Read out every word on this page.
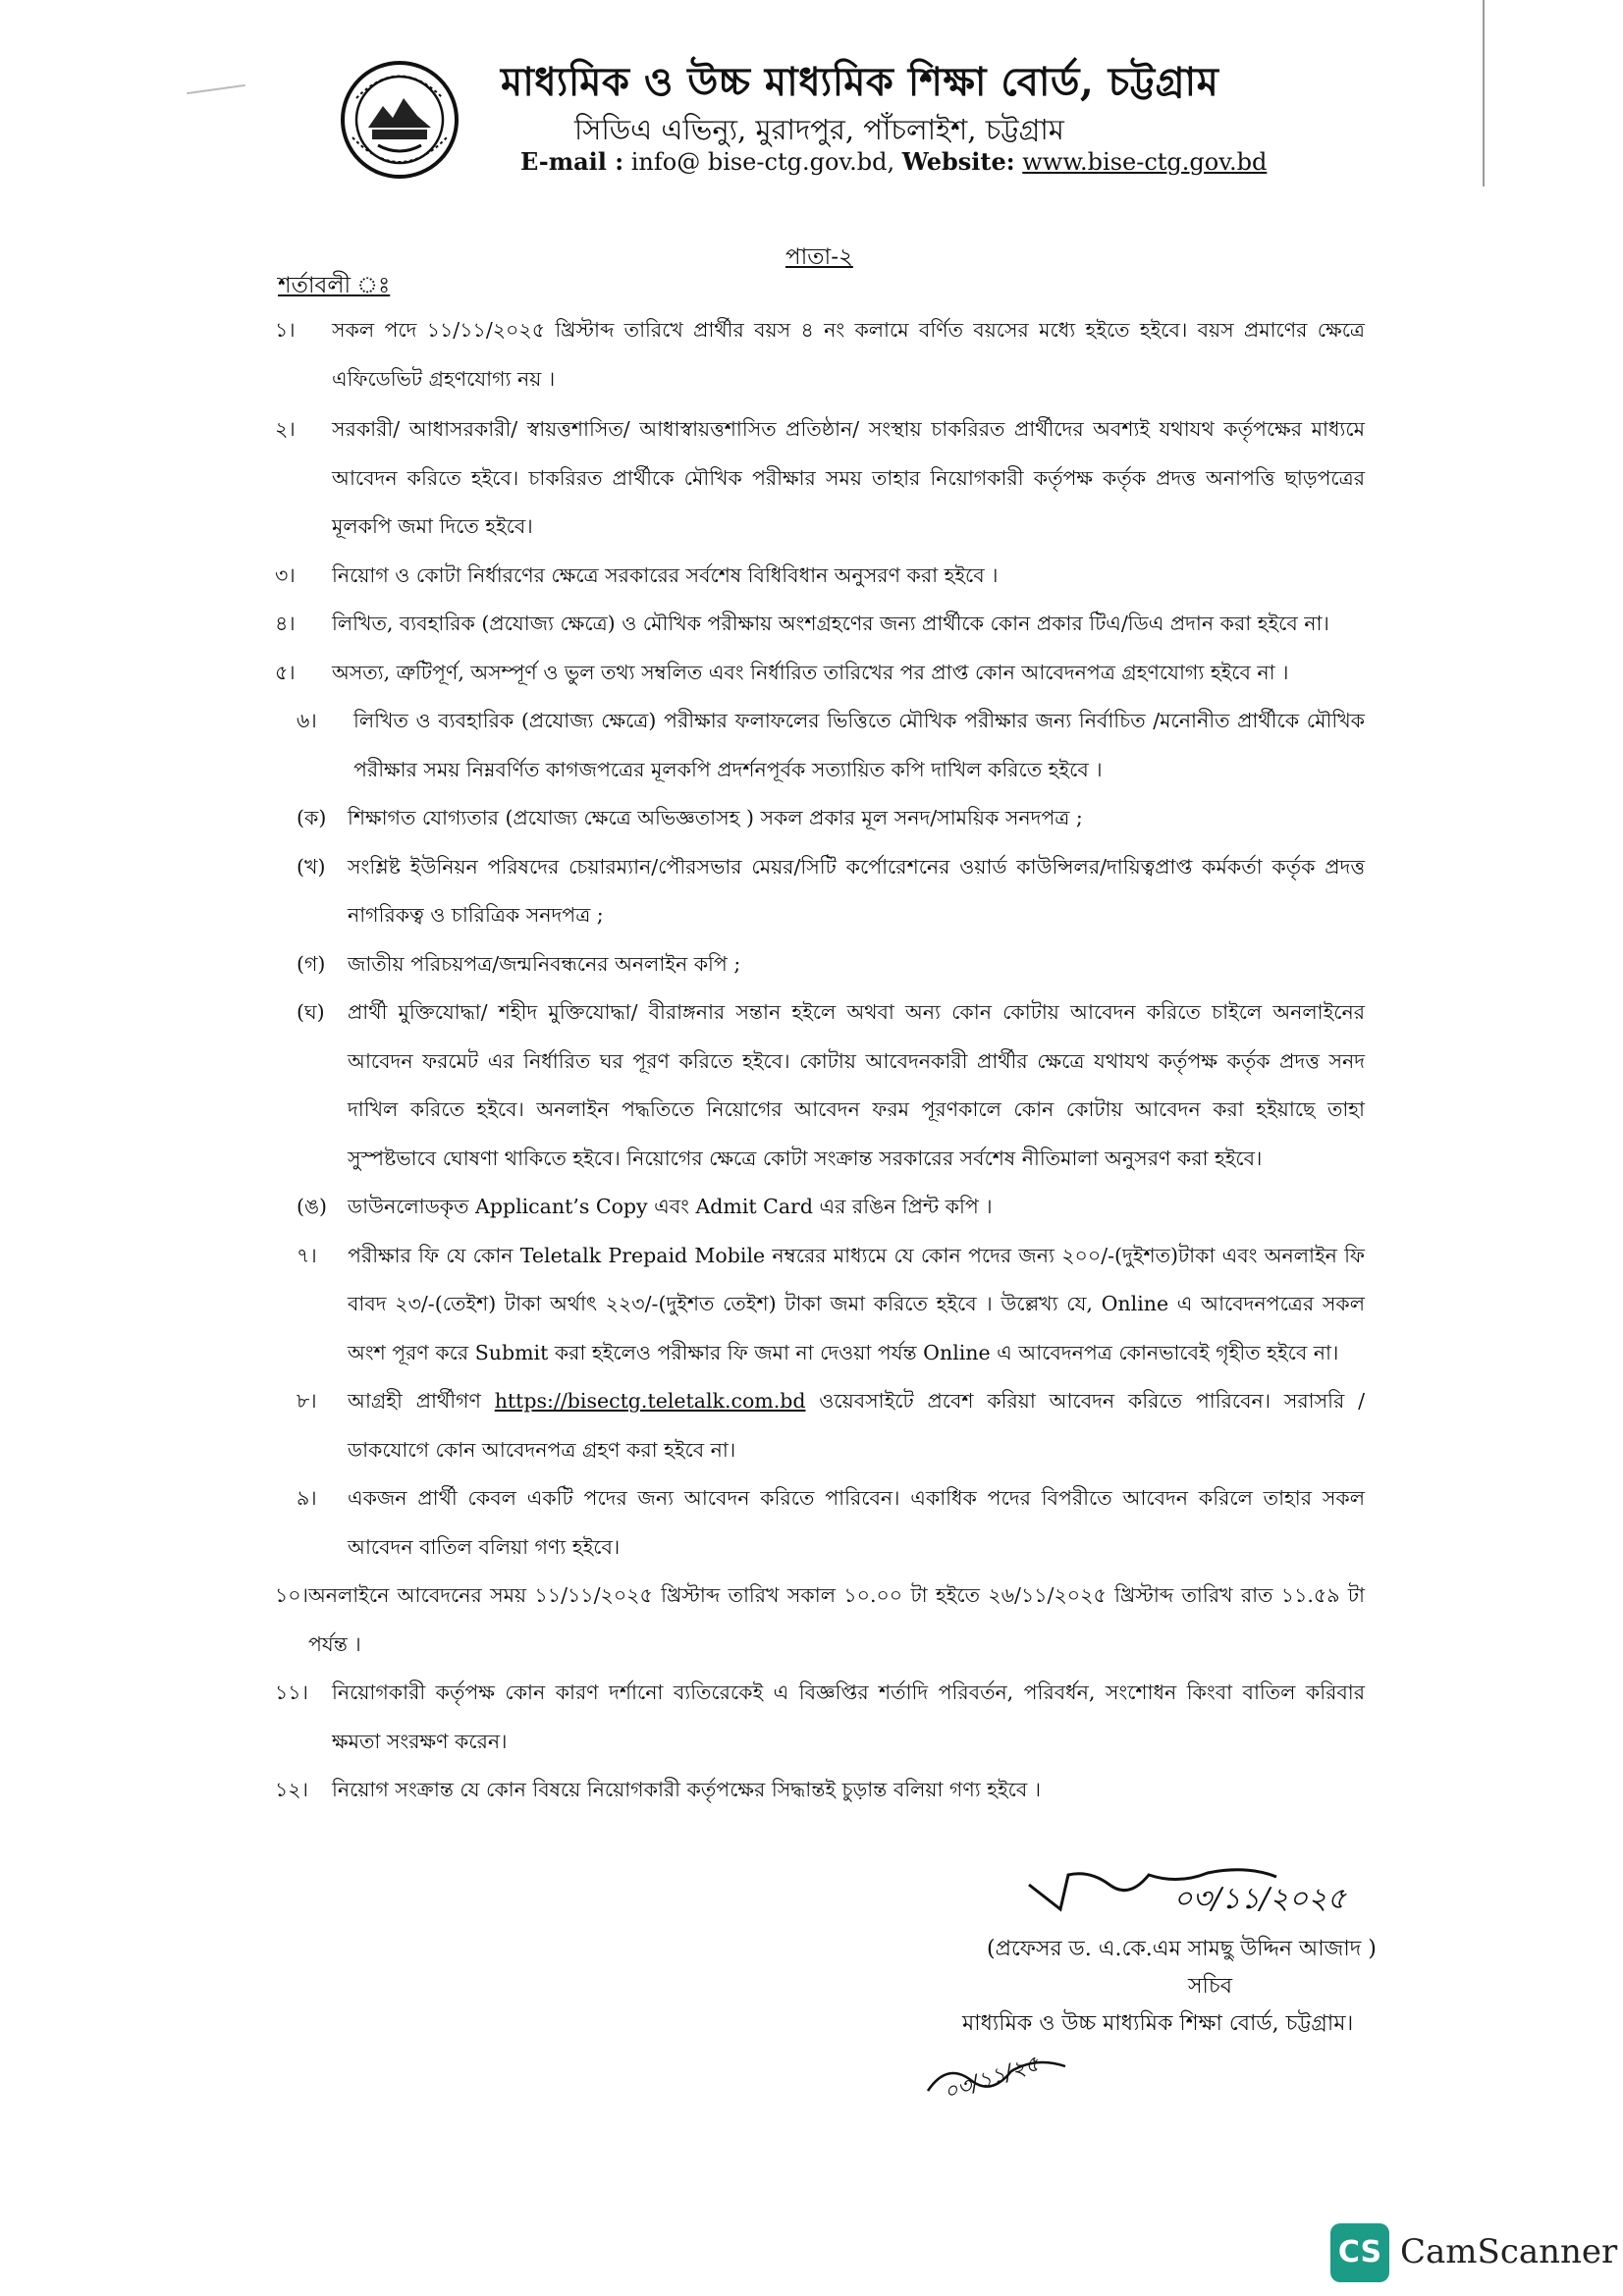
মাধ্যমিক ও উচ্চ মাধ্যমিক শিক্ষা বোর্ড, চট্টগ্রাম
সিডিএ এভিন্যু, মুরাদপুর, পাঁচলাইশ, চট্টগ্রাম
E-mail : info@ bise-ctg.gov.bd, Website: www.bise-ctg.gov.bd
পাতা-২
শর্তাবলী ঃ
১।	সকল পদে ১১/১১/২০২৫ খ্রিস্টাব্দ তারিখে প্রার্থীর বয়স ৪ নং কলামে বর্ণিত বয়সের মধ্যে হইতে হইবে। বয়স প্রমাণের ক্ষেত্রে এফিডেভিট গ্রহণযোগ্য নয় ।
২।	সরকারী/ আধাসরকারী/ স্বায়ত্তশাসিত/ আধাস্বায়ত্তশাসিত প্রতিষ্ঠান/ সংস্থায় চাকরিরত প্রার্থীদের অবশ্যই যথাযথ কর্তৃপক্ষের মাধ্যমে আবেদন করিতে হইবে। চাকরিরত প্রার্থীকে মৌখিক পরীক্ষার সময় তাহার নিয়োগকারী কর্তৃপক্ষ কর্তৃক প্রদত্ত অনাপত্তি ছাড়পত্রের মূলকপি জমা দিতে হইবে।
৩।	নিয়োগ ও কোটা নির্ধারণের ক্ষেত্রে সরকারের সর্বশেষ বিধিবিধান অনুসরণ করা হইবে ।
৪।	লিখিত, ব্যবহারিক (প্রযোজ্য ক্ষেত্রে) ও মৌখিক পরীক্ষায় অংশগ্রহণের জন্য প্রার্থীকে কোন প্রকার টিএ/ডিএ প্রদান করা হইবে না।
৫।	অসত্য, ত্রুটিপূর্ণ, অসম্পূর্ণ ও ভুল তথ্য সম্বলিত এবং নির্ধারিত তারিখের পর প্রাপ্ত কোন আবেদনপত্র গ্রহণযোগ্য হইবে না ।
৬।	লিখিত ও ব্যবহারিক (প্রযোজ্য ক্ষেত্রে) পরীক্ষার ফলাফলের ভিত্তিতে মৌখিক পরীক্ষার জন্য নির্বাচিত /মনোনীত প্রার্থীকে মৌখিক পরীক্ষার সময় নিম্নবর্ণিত কাগজপত্রের মূলকপি প্রদর্শনপূর্বক সত্যায়িত কপি দাখিল করিতে হইবে ।
(ক)	শিক্ষাগত যোগ্যতার (প্রযোজ্য ক্ষেত্রে অভিজ্ঞতাসহ ) সকল প্রকার মূল সনদ/সাময়িক সনদপত্র ;
(খ)	সংশ্লিষ্ট ইউনিয়ন পরিষদের চেয়ারম্যান/পৌরসভার মেয়র/সিটি কর্পোরেশনের ওয়ার্ড কাউন্সিলর/দায়িত্বপ্রাপ্ত কর্মকর্তা কর্তৃক প্রদত্ত নাগরিকত্ব ও চারিত্রিক সনদপত্র ;
(গ)	জাতীয় পরিচয়পত্র/জন্মনিবন্ধনের অনলাইন কপি ;
(ঘ)	প্রার্থী মুক্তিযোদ্ধা/ শহীদ মুক্তিযোদ্ধা/ বীরাঙ্গনার সন্তান হইলে অথবা অন্য কোন কোটায় আবেদন করিতে চাইলে অনলাইনের আবেদন ফরমেট এর নির্ধারিত ঘর পূরণ করিতে হইবে। কোটায় আবেদনকারী প্রার্থীর ক্ষেত্রে যথাযথ কর্তৃপক্ষ কর্তৃক প্রদত্ত সনদ দাখিল করিতে হইবে। অনলাইন পদ্ধতিতে নিয়োগের আবেদন ফরম পূরণকালে কোন কোটায় আবেদন করা হইয়াছে তাহা সুস্পষ্টভাবে ঘোষণা থাকিতে হইবে। নিয়োগের ক্ষেত্রে কোটা সংক্রান্ত সরকারের সর্বশেষ নীতিমালা অনুসরণ করা হইবে।
(ঙ)	ডাউনলোডকৃত Applicant’s Copy এবং Admit Card এর রঙিন প্রিন্ট কপি ।
৭।	পরীক্ষার ফি যে কোন Teletalk Prepaid Mobile নম্বরের মাধ্যমে যে কোন পদের জন্য ২০০/-(দুইশত)টাকা এবং অনলাইন ফি বাবদ ২৩/-(তেইশ) টাকা অর্থাৎ ২২৩/-(দুইশত তেইশ) টাকা জমা করিতে হইবে । উল্লেখ্য যে, Online এ আবেদনপত্রের সকল অংশ পূরণ করে Submit করা হইলেও পরীক্ষার ফি জমা না দেওয়া পর্যন্ত Online এ আবেদনপত্র কোনভাবেই গৃহীত হইবে না।
৮।	আগ্রহী প্রার্থীগণ https://bisectg.teletalk.com.bd ওয়েবসাইটে প্রবেশ করিয়া আবেদন করিতে পারিবেন। সরাসরি /ডাকযোগে কোন আবেদনপত্র গ্রহণ করা হইবে না।
৯।	একজন প্রার্থী কেবল একটি পদের জন্য আবেদন করিতে পারিবেন। একাধিক পদের বিপরীতে আবেদন করিলে তাহার সকল আবেদন বাতিল বলিয়া গণ্য হইবে।
১০। অনলাইনে আবেদনের সময় ১১/১১/২০২৫ খ্রিস্টাব্দ তারিখ সকাল ১০.০০ টা হইতে ২৬/১১/২০২৫ খ্রিস্টাব্দ তারিখ রাত ১১.৫৯ টা পর্যন্ত ।
১১।	নিয়োগকারী কর্তৃপক্ষ কোন কারণ দর্শানো ব্যতিরেকেই এ বিজ্ঞপ্তির শর্তাদি পরিবর্তন, পরিবর্ধন, সংশোধন কিংবা বাতিল করিবার ক্ষমতা সংরক্ষণ করেন।
১২।	নিয়োগ সংক্রান্ত যে কোন বিষয়ে নিয়োগকারী কর্তৃপক্ষের সিদ্ধান্তই চুড়ান্ত বলিয়া গণ্য হইবে ।
০৩/১১/২০২৫
(প্রফেসর ড. এ.কে.এম সামছু উদ্দিন আজাদ )
সচিব
মাধ্যমিক ও উচ্চ মাধ্যমিক শিক্ষা বোর্ড, চট্টগ্রাম।
০৩/১১/২৫
CS CamScanner
